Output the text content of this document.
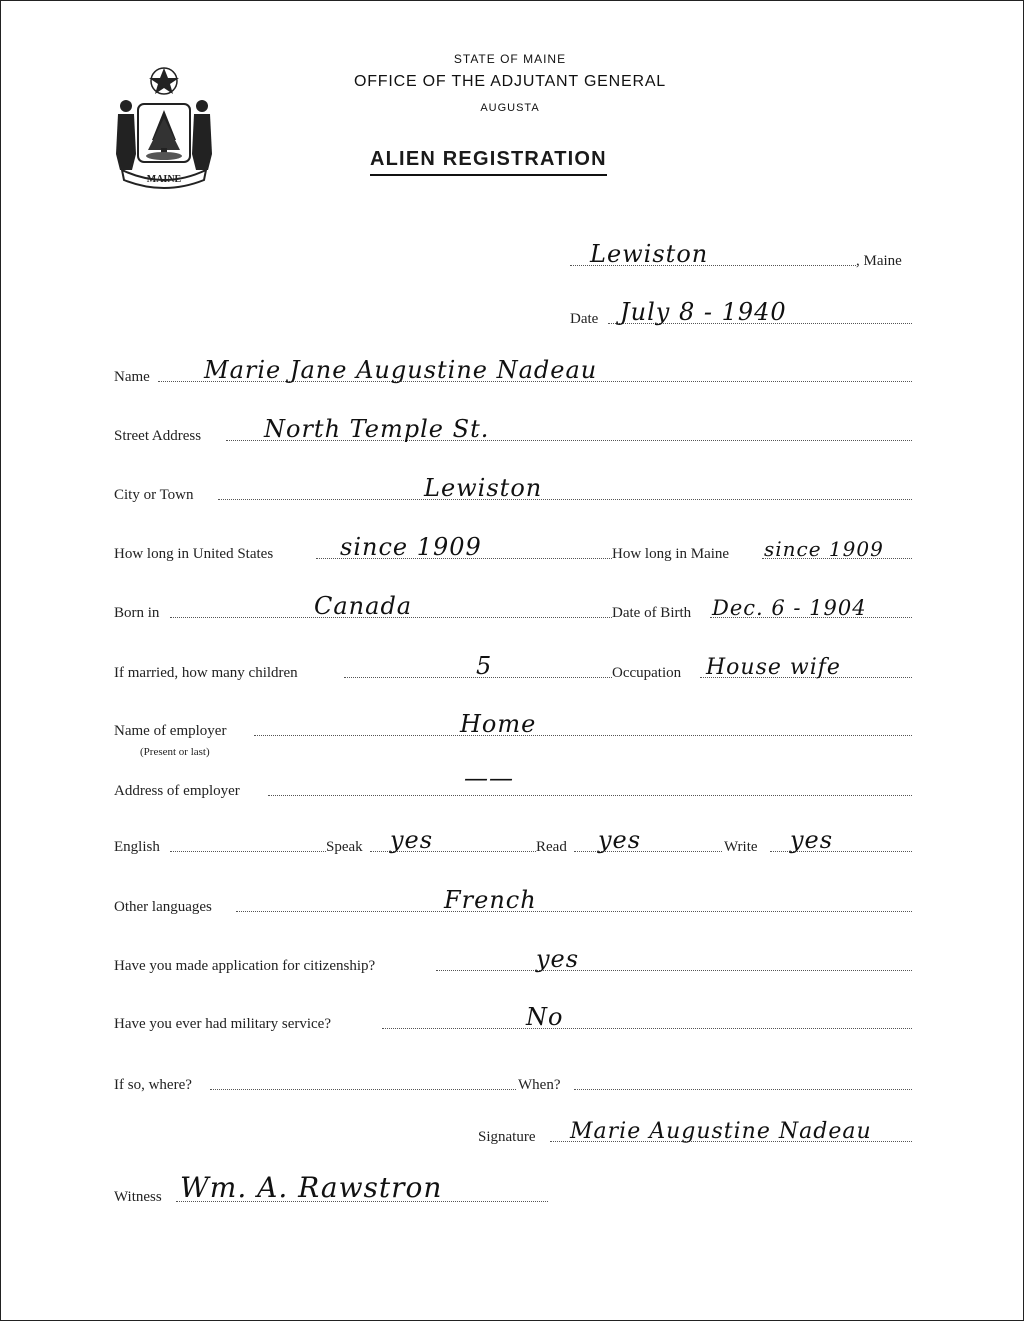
MAINE
STATE OF MAINE
OFFICE OF THE ADJUTANT GENERAL
AUGUSTA
ALIEN REGISTRATION
Lewiston	, Maine
Date July 8 - 1940
Name Marie Jane Augustine Nadeau
Street Address	North Temple St.
City or Town	Lewiston
How long in United States	since 1909	How long in Maine since 1909
Born in	Canada	Date of Birth Dec. 6 - 1904
If married, how many children	5	Occupation House wife
Name of employer	Home
(Present or last)
Address of employer	——
English	Speak yes	Read yes	Write yes
Other languages	French
Have you made application for citizenship?	yes
Have you ever had military service?	No
If so, where?	When?
Signature Marie Augustine Nadeau
Witness Wm. A. Rawstron
